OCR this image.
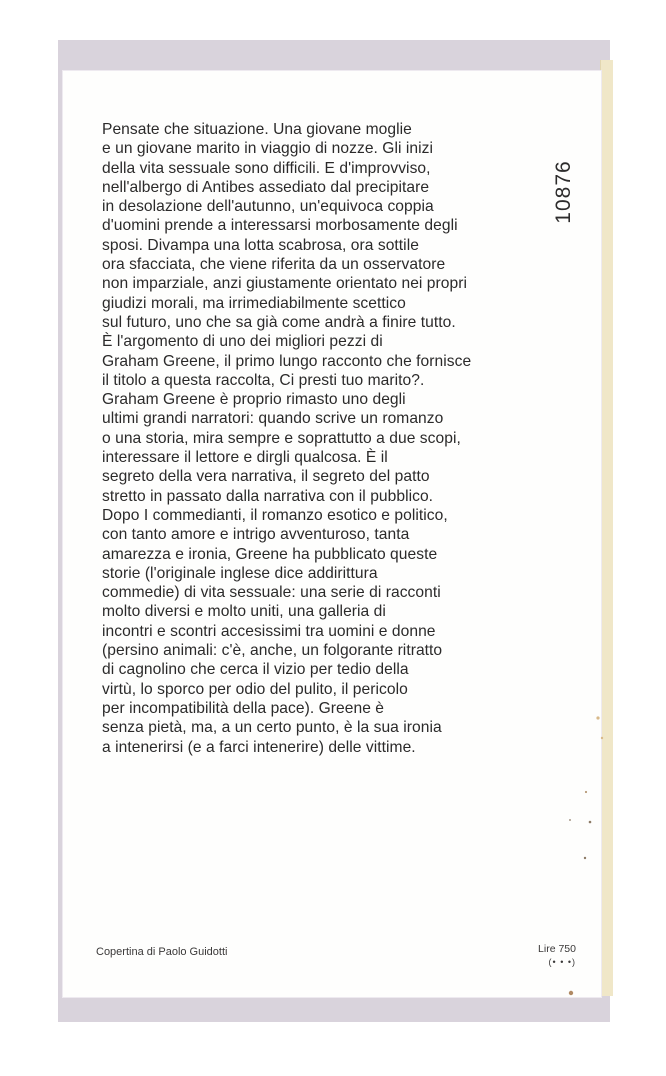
Pensate che situazione. Una giovane moglie
e un giovane marito in viaggio di nozze. Gli inizi
della vita sessuale sono difficili. E d'improvviso,
nell'albergo di Antibes assediato dal precipitare
in desolazione dell'autunno, un'equivoca coppia
d'uomini prende a interessarsi morbosamente degli
sposi. Divampa una lotta scabrosa, ora sottile
ora sfacciata, che viene riferita da un osservatore
non imparziale, anzi giustamente orientato nei propri
giudizi morali, ma irrimediabilmente scettico
sul futuro, uno che sa già come andrà a finire tutto.
È l'argomento di uno dei migliori pezzi di
Graham Greene, il primo lungo racconto che fornisce
il titolo a questa raccolta, Ci presti tuo marito?.
Graham Greene è proprio rimasto uno degli
ultimi grandi narratori: quando scrive un romanzo
o una storia, mira sempre e soprattutto a due scopi,
interessare il lettore e dirgli qualcosa. È il
segreto della vera narrativa, il segreto del patto
stretto in passato dalla narrativa con il pubblico.
Dopo I commedianti, il romanzo esotico e politico,
con tanto amore e intrigo avventuroso, tanta
amarezza e ironia, Greene ha pubblicato queste
storie (l'originale inglese dice addirittura
commedie) di vita sessuale: una serie di racconti
molto diversi e molto uniti, una galleria di
incontri e scontri accesissimi tra uomini e donne
(persino animali: c'è, anche, un folgorante ritratto
di cagnolino che cerca il vizio per tedio della
virtù, lo sporco per odio del pulito, il pericolo
per incompatibilità della pace). Greene è
senza pietà, ma, a un certo punto, è la sua ironia
a intenerirsi (e a farci intenerire) delle vittime.
10876
Copertina di Paolo Guidotti	Lire 750
(• • •)
